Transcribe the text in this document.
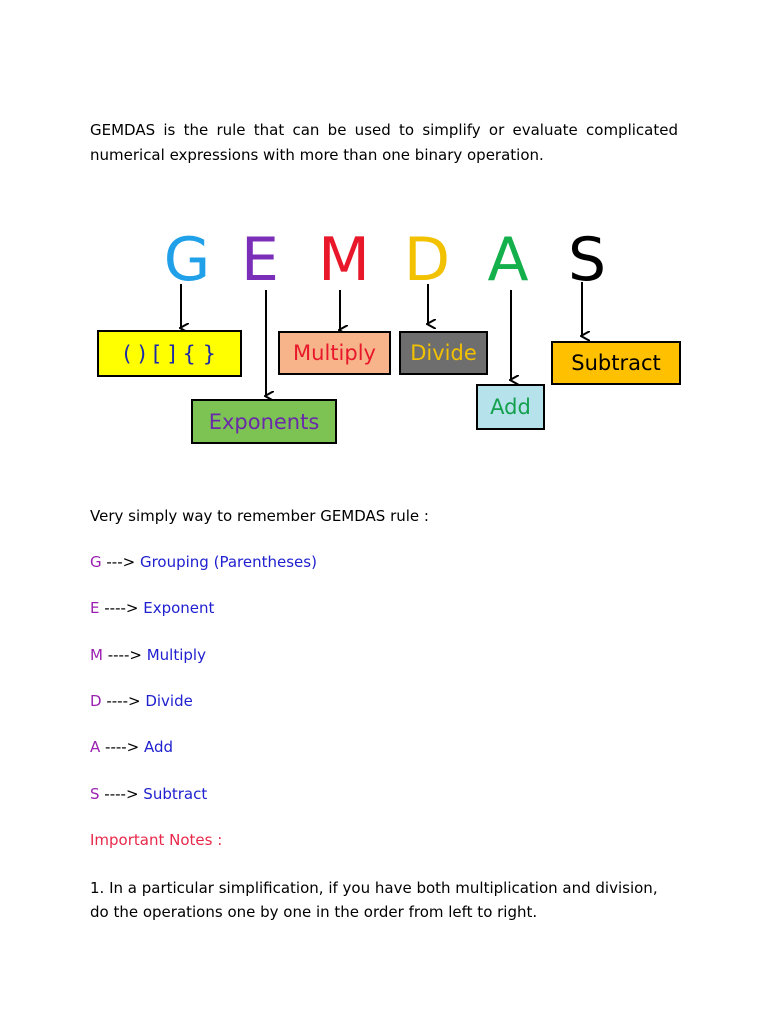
GEMDAS is the rule that can be used to simplify or evaluate complicated numerical expressions with more than one binary operation.

G E M D A S
( ) [ ] { }
Exponents
Multiply	Divide
Add
Subtract

Very simply way to remember GEMDAS rule :

G ---> Grouping (Parentheses)

E ----> Exponent

M ----> Multiply

D ----> Divide

A ----> Add

S ----> Subtract

Important Notes :

1. In a particular simplification, if you have both multiplication and division, do the operations one by one in the order from left to right.
